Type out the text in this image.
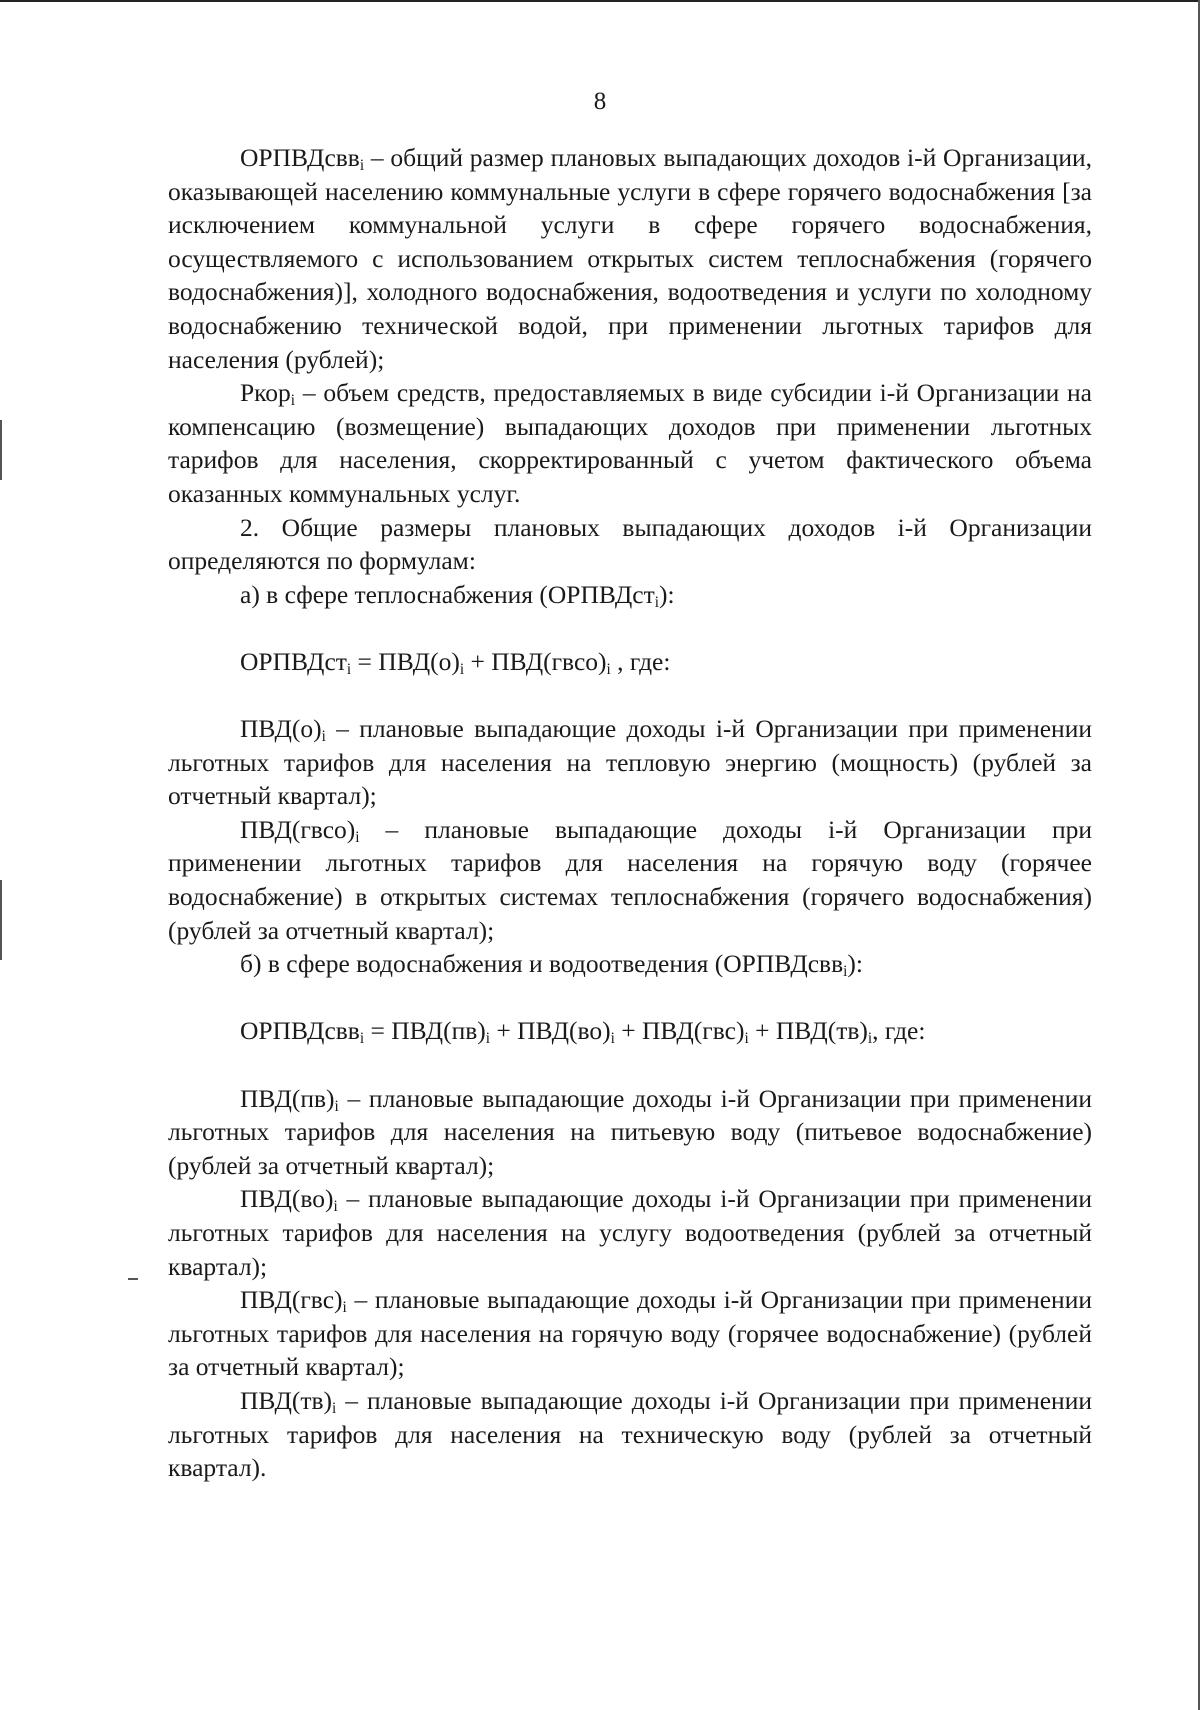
8

ОРПВДсвв$_i$ – общий размер плановых выпадающих доходов i-й Организации, оказывающей населению коммунальные услуги в сфере горячего водоснабжения [за исключением коммунальной услуги в сфере горячего водоснабжения, осуществляемого с использованием открытых систем теплоснабжения (горячего водоснабжения)], холодного водоснабжения, водоотведения и услуги по холодному водоснабжению технической водой, при применении льготных тарифов для населения (рублей);

Ркор$_i$ – объем средств, предоставляемых в виде субсидии i-й Организации на компенсацию (возмещение) выпадающих доходов при применении льготных тарифов для населения, скорректированный с учетом фактического объема оказанных коммунальных услуг.

2. Общие размеры плановых выпадающих доходов i-й Организации определяются по формулам:

а) в сфере теплоснабжения (ОРПВДст$_i$):

ОРПВДст$_i$ = $ПВД(о)_i$ + $ПВД(гвсо)_i$ , где:

$ПВД(о)_i$ – плановые выпадающие доходы i-й Организации при применении льготных тарифов для населения на тепловую энергию (мощность) (рублей за отчетный квартал);

$ПВД(гвсо)_i$ – плановые выпадающие доходы i-й Организации при применении льготных тарифов для населения на горячую воду (горячее водоснабжение) в открытых системах теплоснабжения (горячего водоснабжения) (рублей за отчетный квартал);

б) в сфере водоснабжения и водоотведения (ОРПВДсвв$_i$):

ОРПВДсвв$_i$ = $ПВД(пв)_i + ПВД(во)_i + ПВД(гвс)_i + ПВД(тв)_i$, где:

$ПВД(пв)_i$ – плановые выпадающие доходы i-й Организации при применении льготных тарифов для населения на питьевую воду (питьевое водоснабжение) (рублей за отчетный квартал);

$ПВД(во)_i$ – плановые выпадающие доходы i-й Организации при применении льготных тарифов для населения на услугу водоотведения (рублей за отчетный квартал);

$ПВД(гвс)_i$ – плановые выпадающие доходы i-й Организации при применении льготных тарифов для населения на горячую воду (горячее водоснабжение) (рублей за отчетный квартал);

$ПВД(тв)_i$ – плановые выпадающие доходы i-й Организации при применении льготных тарифов для населения на техническую воду (рублей за отчетный квартал).
